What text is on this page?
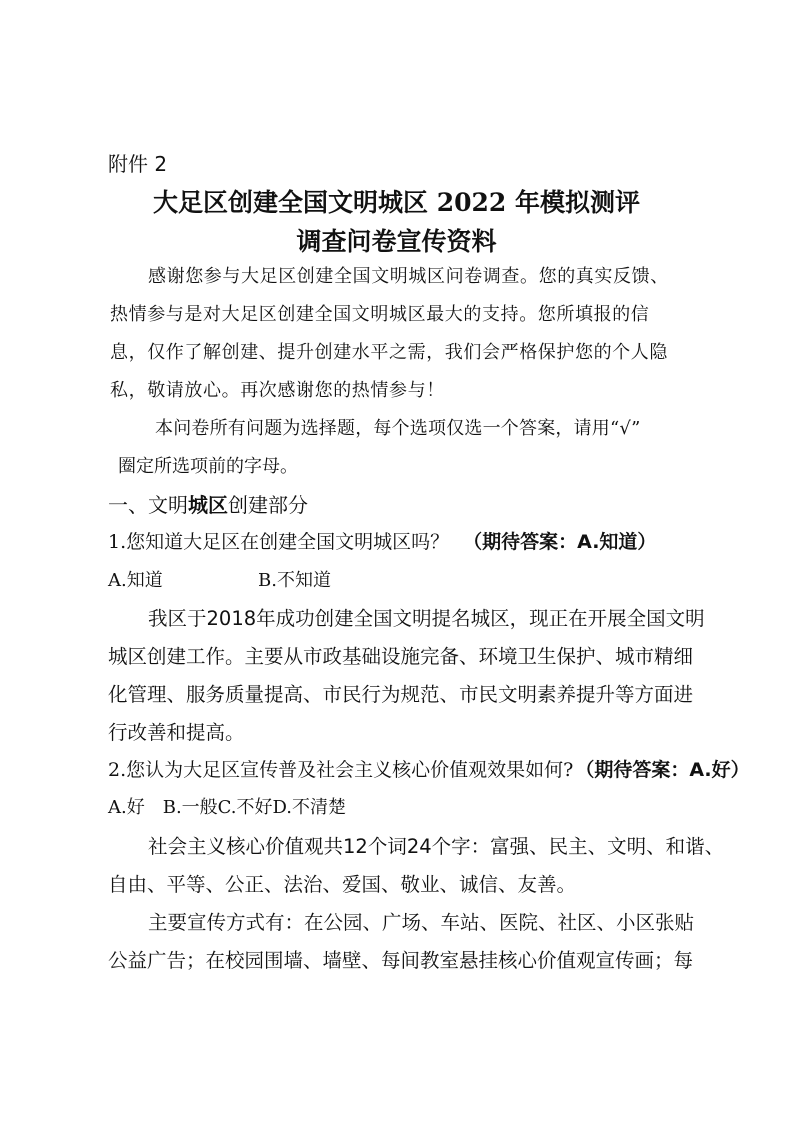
附件 2
大足区创建全国文明城区 2022 年模拟测评
调查问卷宣传资料
感谢您参与大足区创建全国文明城区问卷调查。您的真实反馈、
热情参与是对大足区创建全国文明城区最大的支持。您所填报的信
息，仅作了解创建、提升创建水平之需，我们会严格保护您的个人隐
私，敬请放心。再次感谢您的热情参与！
本问卷所有问题为选择题，每个选项仅选一个答案，请用“√”
圈定所选项前的字母。
一、文明城区创建部分
1.您知道大足区在创建全国文明城区吗？ （期待答案：A.知道）
A.知道	B.不知道
我区于2018年成功创建全国文明提名城区，现正在开展全国文明
城区创建工作。主要从市政基础设施完备、环境卫生保护、城市精细
化管理、服务质量提高、市民行为规范、市民文明素养提升等方面进
行改善和提高。
2.您认为大足区宣传普及社会主义核心价值观效果如何? （期待答案：A.好）
A.好　B.一般C.不好D.不清楚
社会主义核心价值观共12个词24个字：富强、民主、文明、和谐、
自由、平等、公正、法治、爱国、敬业、诚信、友善。
主要宣传方式有：在公园、广场、车站、医院、社区、小区张贴
公益广告；在校园围墙、墙壁、每间教室悬挂核心价值观宣传画；每
